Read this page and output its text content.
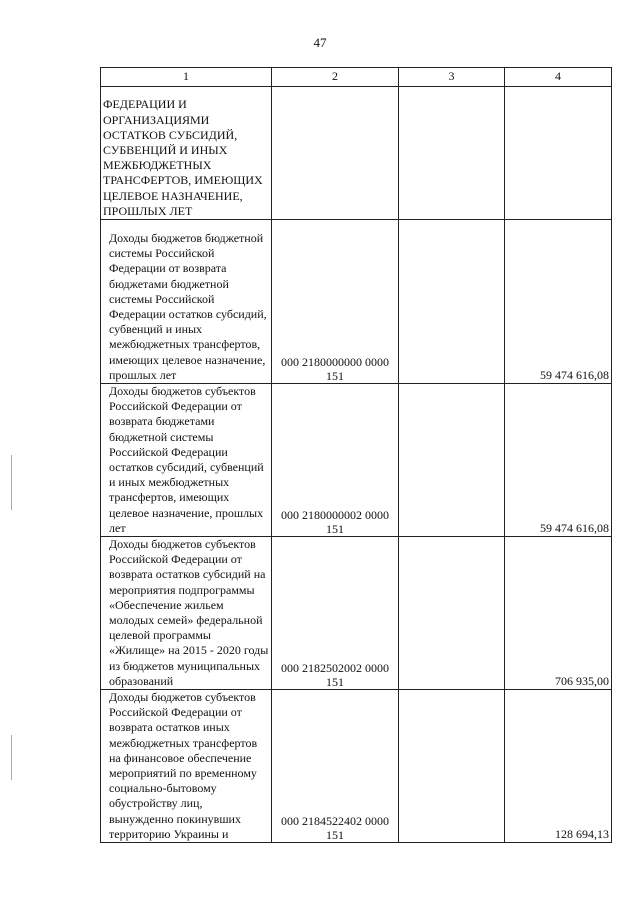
47
1	2	3	4
ФЕДЕРАЦИИ И ОРГАНИЗАЦИЯМИ ОСТАТКОВ СУБСИДИЙ, СУБВЕНЦИЙ И ИНЫХ МЕЖБЮДЖЕТНЫХ ТРАНСФЕРТОВ, ИМЕЮЩИХ ЦЕЛЕВОЕ НАЗНАЧЕНИЕ, ПРОШЛЫХ ЛЕТ			

Доходы бюджетов бюджетной системы Российской Федерации от возврата бюджетами бюджетной системы Российской Федерации остатков субсидий, субвенций и иных межбюджетных трансфертов, имеющих целевое назначение, прошлых лет	000 2180000000 0000 151		59 474 616,08

Доходы бюджетов субъектов Российской Федерации от возврата бюджетами бюджетной системы Российской Федерации остатков субсидий, субвенций и иных межбюджетных трансфертов, имеющих целевое назначение, прошлых лет	000 2180000002 0000 151		59 474 616,08

Доходы бюджетов субъектов Российской Федерации от возврата остатков субсидий на мероприятия подпрограммы «Обеспечение жильем молодых семей» федеральной целевой программы «Жилище» на 2015 - 2020 годы из бюджетов муниципальных образований	000 2182502002 0000 151		706 935,00

Доходы бюджетов субъектов Российской Федерации от возврата остатков иных межбюджетных трансфертов на финансовое обеспечение мероприятий по временному социально-бытовому обустройству лиц, вынужденно покинувших территорию Украины и	000 2184522402 0000 151		128 694,13
